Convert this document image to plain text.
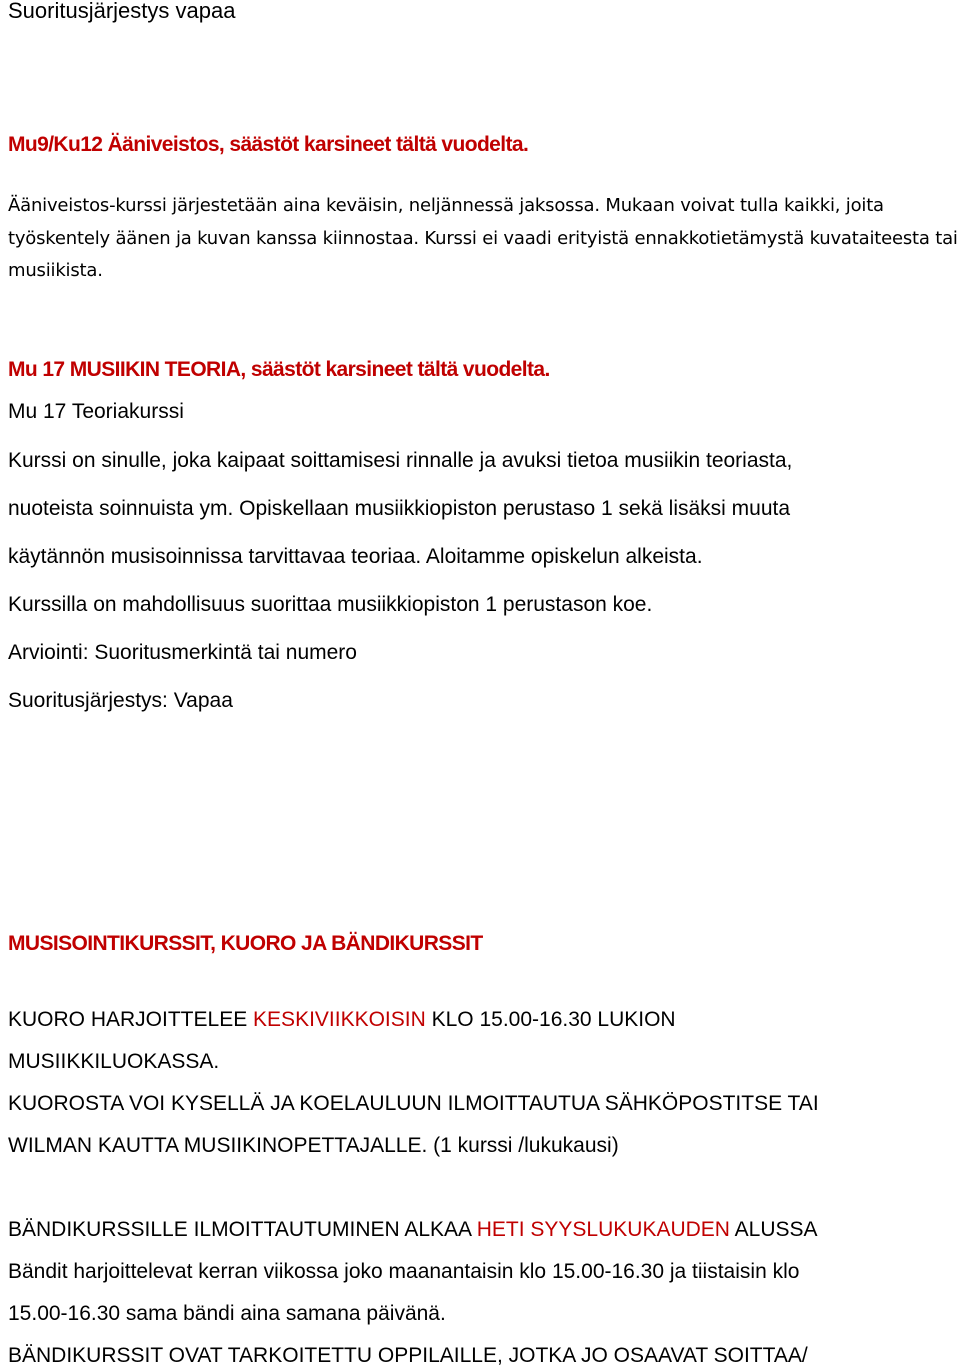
Suoritusjärjestys vapaa

Mu9/Ku12 Ääniveistos, säästöt karsineet tältä vuodelta.

Ääniveistos-kurssi järjestetään aina keväisin, neljännessä jaksossa. Mukaan voivat tulla kaikki, joita

työskentely äänen ja kuvan kanssa kiinnostaa. Kurssi ei vaadi erityistä ennakkotietämystä kuvataiteesta tai

musiikista.

Mu 17 MUSIIKIN TEORIA, säästöt karsineet tältä vuodelta.

Mu 17 Teoriakurssi

Kurssi on sinulle, joka kaipaat soittamisesi rinnalle ja avuksi tietoa musiikin teoriasta,

nuoteista soinnuista ym. Opiskellaan musiikkiopiston perustaso 1 sekä lisäksi muuta

käytännön musisoinnissa tarvittavaa teoriaa. Aloitamme opiskelun alkeista.

Kurssilla on mahdollisuus suorittaa musiikkiopiston 1 perustason koe.

Arviointi: Suoritusmerkintä tai numero

Suoritusjärjestys: Vapaa

MUSISOINTIKURSSIT, KUORO JA BÄNDIKURSSIT

KUORO HARJOITTELEE KESKIVIIKKOISIN KLO 15.00-16.30 LUKION

MUSIIKKILUOKASSA.

KUOROSTA VOI KYSELLÄ JA KOELAULUUN ILMOITTAUTUA SÄHKÖPOSTITSE TAI

WILMAN KAUTTA MUSIIKINOPETTAJALLE. (1 kurssi /lukukausi)

BÄNDIKURSSILLE ILMOITTAUTUMINEN ALKAA HETI SYYSLUKUKAUDEN ALUSSA

Bändit harjoittelevat kerran viikossa joko maanantaisin klo 15.00-16.30 ja tiistaisin klo

15.00-16.30 sama bändi aina samana päivänä.

BÄNDIKURSSIT OVAT TARKOITETTU OPPILAILLE, JOTKA JO OSAAVAT SOITTAA/
